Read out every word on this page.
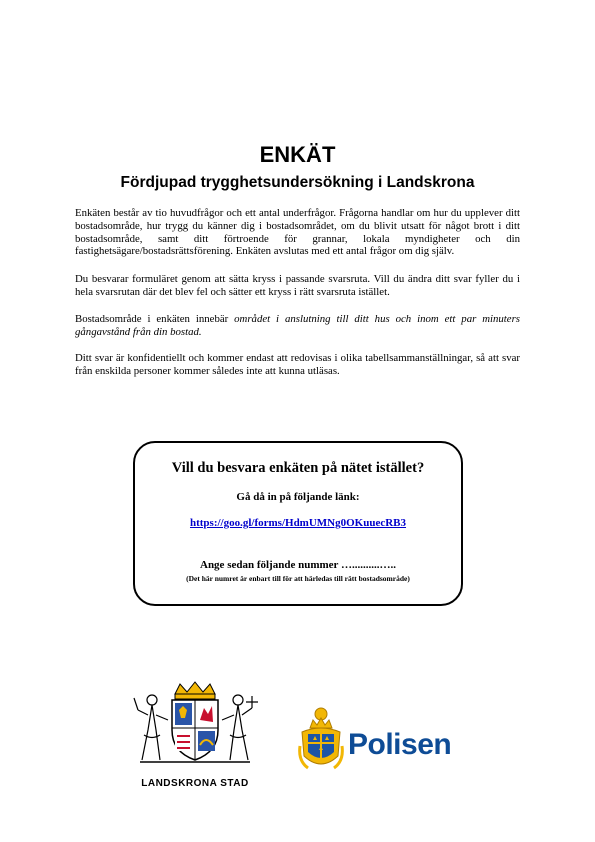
ENKÄT
Fördjupad trygghetsundersökning i Landskrona
Enkäten består av tio huvudfrågor och ett antal underfrågor. Frågorna handlar om hur du upplever ditt bostadsområde, hur trygg du känner dig i bostadsområdet, om du blivit utsatt för något brott i ditt bostadsområde, samt ditt förtroende för grannar, lokala myndigheter och din fastighetsägare/bostadsrättsförening. Enkäten avslutas med ett antal frågor om dig själv.
Du besvarar formuläret genom att sätta kryss i passande svarsruta. Vill du ändra ditt svar fyller du i hela svarsrutan där det blev fel och sätter ett kryss i rätt svarsruta istället.
Bostadsområde i enkäten innebär området i anslutning till ditt hus och inom ett par minuters gångavstånd från din bostad.
Ditt svar är konfidentiellt och kommer endast att redovisas i olika tabellsammanställningar, så att svar från enskilda personer kommer således inte att kunna utläsas.
Vill du besvara enkäten på nätet istället?
Gå då in på följande länk:
https://goo.gl/forms/HdmUMNg0OKuuecRB3
Ange sedan följande nummer …..........…..
(Det här numret är enbart till för att härledas till rätt bostadsområde)
LANDSKRONA STAD
Polisen
